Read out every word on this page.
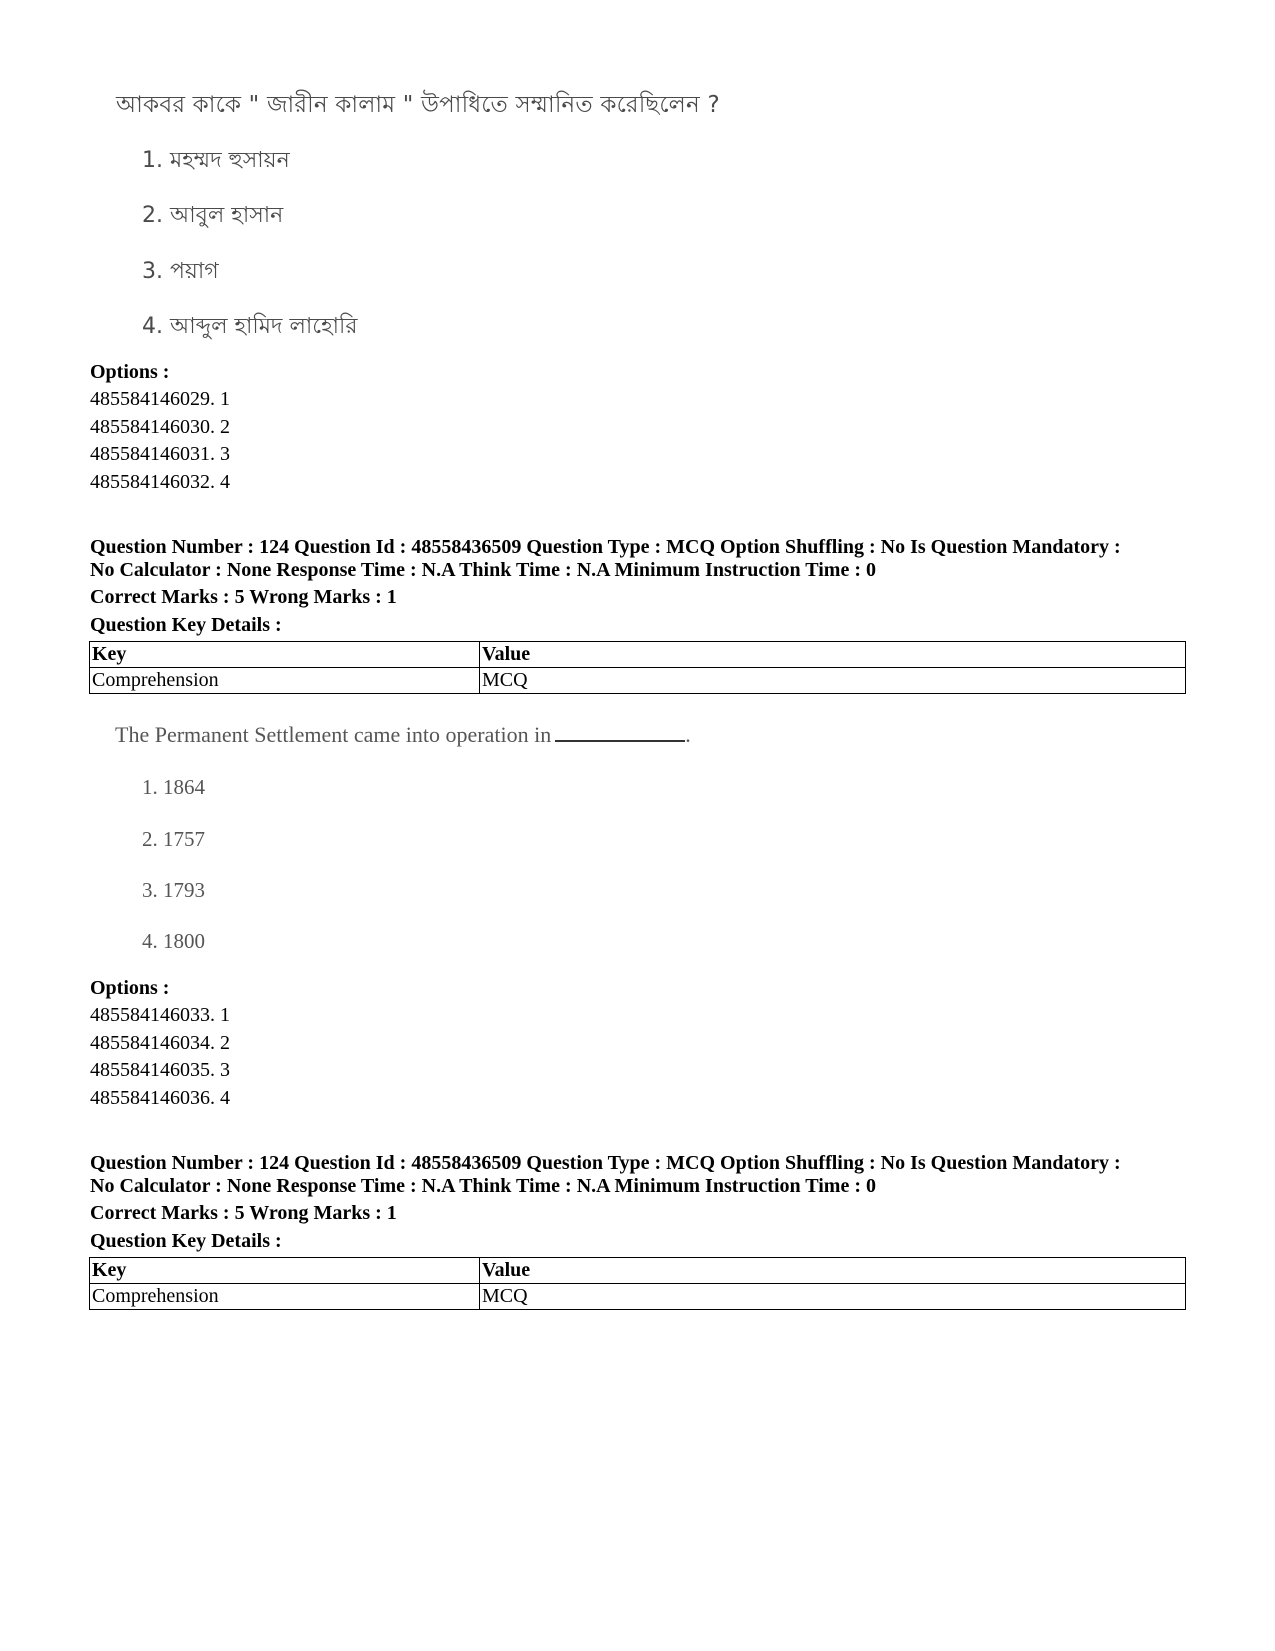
আকবর কাকে " জারীন কালাম " উপাধিতে সম্মানিত করেছিলেন ?
1. মহম্মদ হুসায়ন
2. আবুল হাসান
3. পয়াগ
4. আব্দুল হামিদ লাহোরি
Options :
485584146029. 1
485584146030. 2
485584146031. 3
485584146032. 4
Question Number : 124 Question Id : 48558436509 Question Type : MCQ Option Shuffling : No Is Question Mandatory :
No Calculator : None Response Time : N.A Think Time : N.A Minimum Instruction Time : 0
Correct Marks : 5 Wrong Marks : 1
Question Key Details :
Key	Value
Comprehension	MCQ
The Permanent Settlement came into operation in	.
1. 1864
2. 1757
3. 1793
4. 1800
Options :
485584146033. 1
485584146034. 2
485584146035. 3
485584146036. 4
Question Number : 124 Question Id : 48558436509 Question Type : MCQ Option Shuffling : No Is Question Mandatory :
No Calculator : None Response Time : N.A Think Time : N.A Minimum Instruction Time : 0
Correct Marks : 5 Wrong Marks : 1
Question Key Details :
Key	Value
Comprehension	MCQ
